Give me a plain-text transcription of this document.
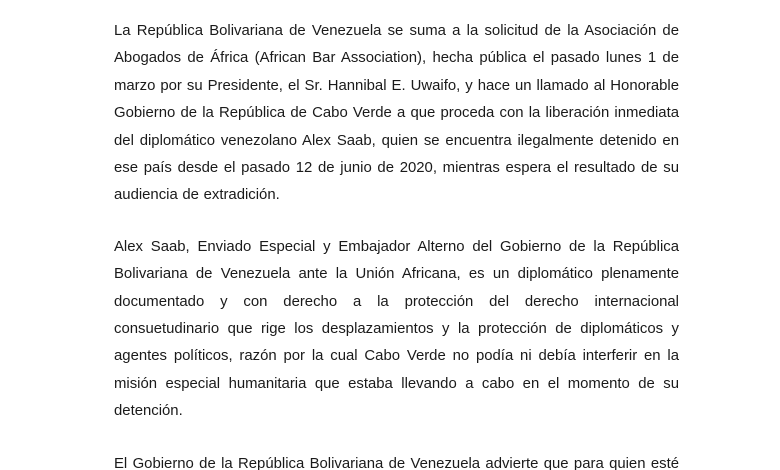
La República Bolivariana de Venezuela se suma a la solicitud de la Asociación de
Abogados de África (African Bar Association), hecha pública el pasado lunes 1 de
marzo por su Presidente, el Sr. Hannibal E. Uwaifo, y hace un llamado al Honorable
Gobierno de la República de Cabo Verde a que proceda con la liberación inmediata
del diplomático venezolano Alex Saab, quien se encuentra ilegalmente detenido en
ese país desde el pasado 12 de junio de 2020, mientras espera el resultado de su
audiencia de extradición.

Alex Saab, Enviado Especial y Embajador Alterno del Gobierno de la República
Bolivariana de Venezuela ante la Unión Africana, es un diplomático plenamente
documentado y con derecho a la protección del derecho internacional
consuetudinario que rige los desplazamientos y la protección de diplomáticos y
agentes políticos, razón por la cual Cabo Verde no podía ni debía interferir en la
misión especial humanitaria que estaba llevando a cabo en el momento de su
detención.

El Gobierno de la República Bolivariana de Venezuela advierte que para quien esté
